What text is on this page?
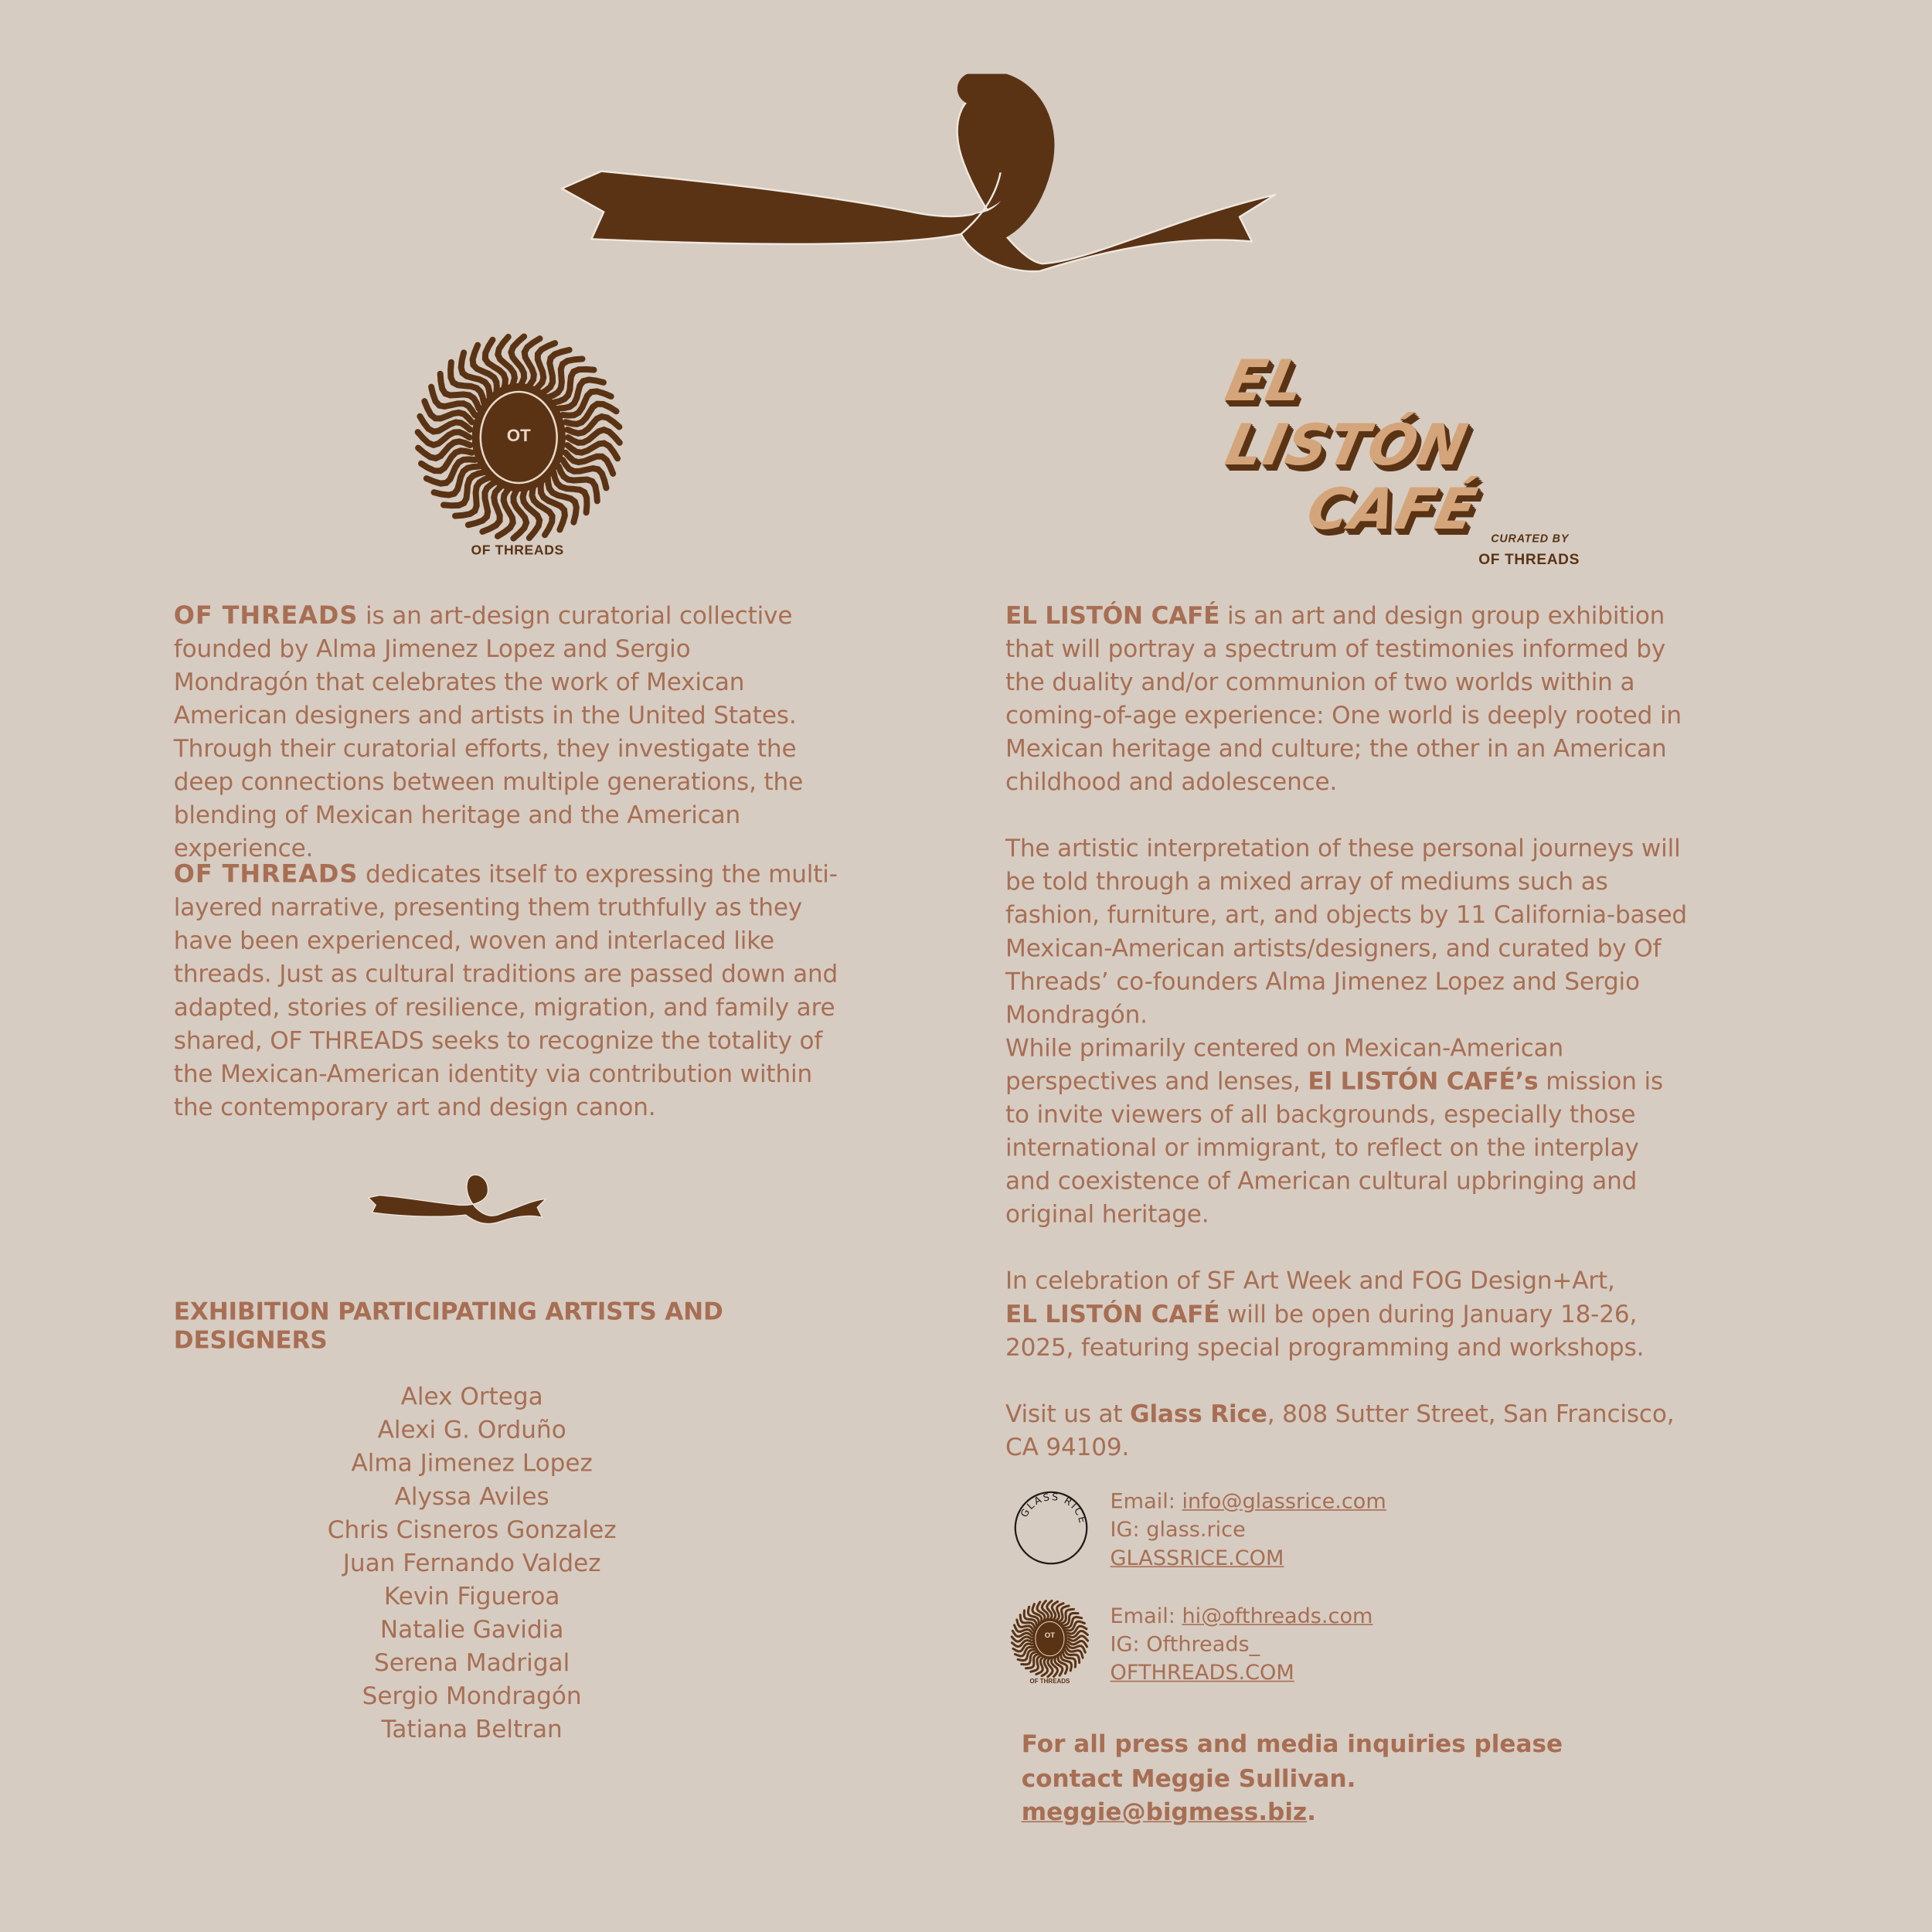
OT
OF THREADS
EL
LISTÓN
CAFÉ CURATED BY
OF THREADS

OF THREADS is an art-design curatorial collective founded by Alma Jimenez Lopez and Sergio Mondragón that celebrates the work of Mexican American designers and artists in the United States. Through their curatorial efforts, they investigate the deep connections between multiple generations, the blending of Mexican heritage and the American experience.

OF THREADS dedicates itself to expressing the multi-layered narrative, presenting them truthfully as they have been experienced, woven and interlaced like threads. Just as cultural traditions are passed down and adapted, stories of resilience, migration, and family are shared, OF THREADS seeks to recognize the totality of the Mexican-American identity via contribution within the contemporary art and design canon.

EXHIBITION PARTICIPATING ARTISTS AND DESIGNERS
Alex Ortega
Alexi G. Orduño
Alma Jimenez Lopez
Alyssa Aviles
Chris Cisneros Gonzalez
Juan Fernando Valdez
Kevin Figueroa
Natalie Gavidia
Serena Madrigal
Sergio Mondragón
Tatiana Beltran

EL LISTÓN CAFÉ is an art and design group exhibition that will portray a spectrum of testimonies informed by the duality and/or communion of two worlds within a coming-of-age experience: One world is deeply rooted in Mexican heritage and culture; the other in an American childhood and adolescence.

The artistic interpretation of these personal journeys will be told through a mixed array of mediums such as fashion, furniture, art, and objects by 11 California-based Mexican-American artists/designers, and curated by Of Threads’ co-founders Alma Jimenez Lopez and Sergio Mondragón.

While primarily centered on Mexican-American perspectives and lenses, El LISTÓN CAFÉ’s mission is to invite viewers of all backgrounds, especially those international or immigrant, to reflect on the interplay and coexistence of American cultural upbringing and original heritage.

In celebration of SF Art Week and FOG Design+Art,
EL LISTÓN CAFÉ will be open during January 18-26, 2025, featuring special programming and workshops.

Visit us at Glass Rice, 808 Sutter Street, San Francisco, CA 94109.

GLASS RICE
Email: info@glassrice.com
IG: glass.rice
GLASSRICE.COM
OT
OF THREADS
Email: hi@ofthreads.com
IG: Ofthreads_
OFTHREADS.COM
For all press and media inquiries please
contact Meggie Sullivan.
meggie@bigmess.biz.
